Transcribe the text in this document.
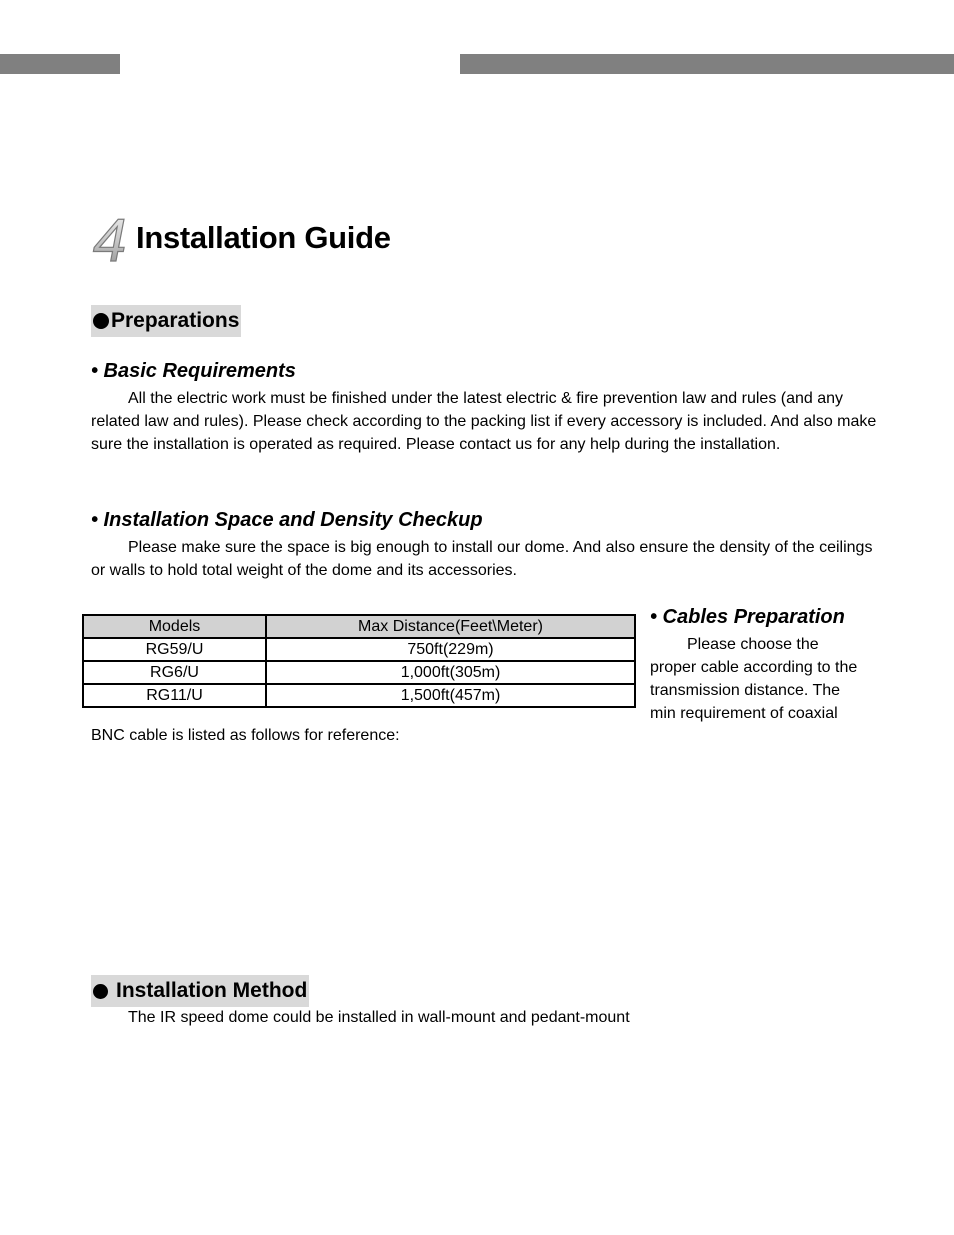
4 Installation Guide
Preparations
• Basic Requirements

All the electric work must be finished under the latest electric & fire prevention law and rules (and any related law and rules). Please check according to the packing list if every accessory is included. And also make sure the installation is operated as required. Please contact us for any help during the installation.

• Installation Space and Density Checkup

Please make sure the space is big enough to install our dome. And also ensure the density of the ceilings or walls to hold total weight of the dome and its accessories.

Models	Max Distance(Feet\Meter)
RG59/U	750ft(229m)
RG6/U	1,000ft(305m)
RG11/U	1,500ft(457m)
• Cables Preparation
Please choose the
proper cable according to the
transmission distance. The
min requirement of coaxial
BNC cable is listed as follows for reference:
Installation Method
The IR speed dome could be installed in wall-mount and pedant-mount
